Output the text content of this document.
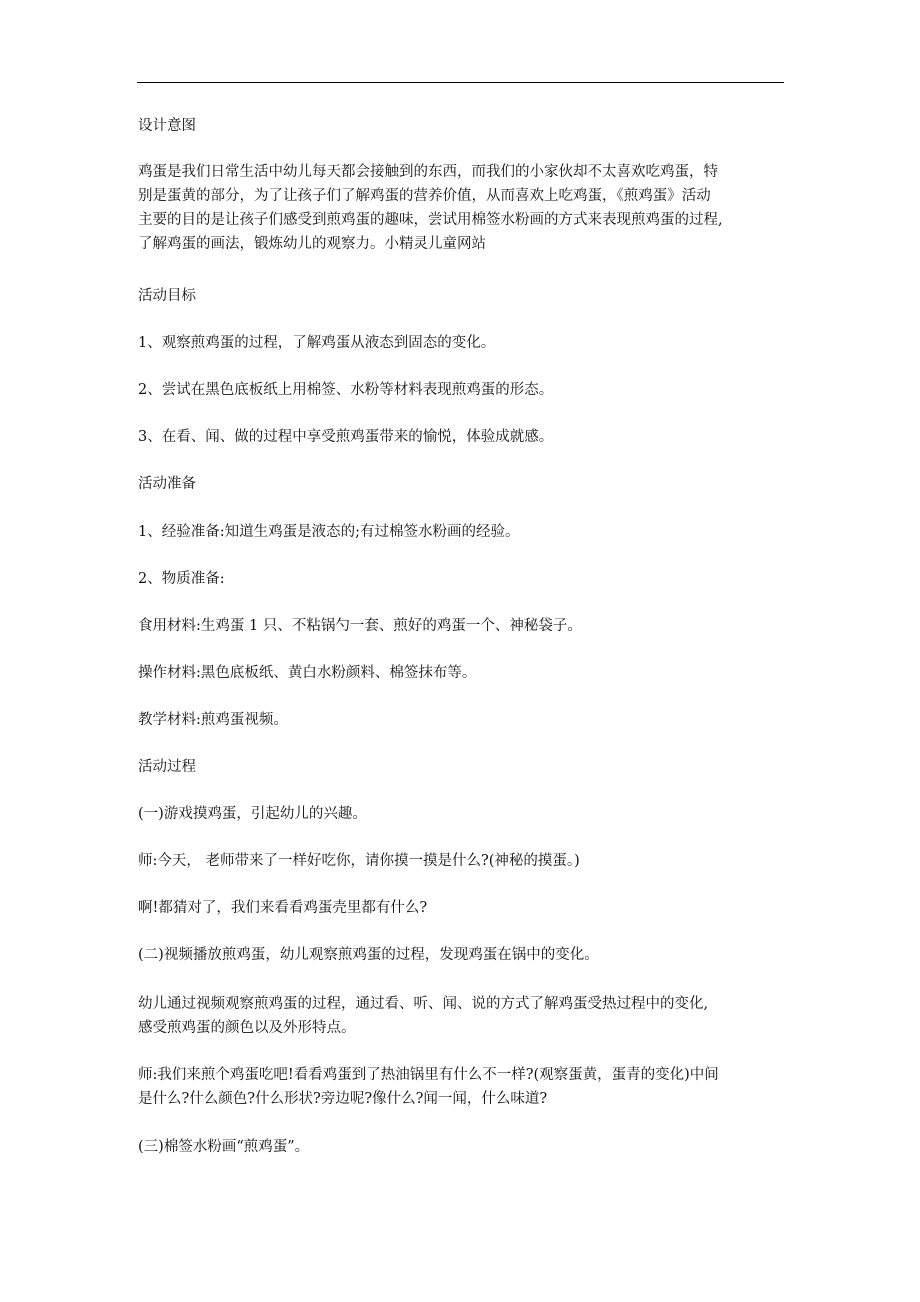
设计意图

鸡蛋是我们日常生活中幼儿每天都会接触到的东西，而我们的小家伙却不太喜欢吃鸡蛋，特
别是蛋黄的部分，为了让孩子们了解鸡蛋的营养价值，从而喜欢上吃鸡蛋，《煎鸡蛋》活动
主要的目的是让孩子们感受到煎鸡蛋的趣味，尝试用棉签水粉画的方式来表现煎鸡蛋的过程,
了解鸡蛋的画法，锻炼幼儿的观察力。小精灵儿童网站

活动目标

1、观察煎鸡蛋的过程，了解鸡蛋从液态到固态的变化。

2、尝试在黑色底板纸上用棉签、水粉等材料表现煎鸡蛋的形态。

3、在看、闻、做的过程中享受煎鸡蛋带来的愉悦，体验成就感。

活动准备

1、经验准备:知道生鸡蛋是液态的;有过棉签水粉画的经验。

2、物质准备:

食用材料:生鸡蛋 1 只、不粘锅勺一套、煎好的鸡蛋一个、神秘袋子。

操作材料:黑色底板纸、黄白水粉颜料、棉签抹布等。

教学材料:煎鸡蛋视频。

活动过程

(一)游戏摸鸡蛋，引起幼儿的兴趣。

师:今天， 老师带来了一样好吃你，请你摸一摸是什么?(神秘的摸蛋。)

啊!都猜对了，我们来看看鸡蛋壳里都有什么?

(二)视频播放煎鸡蛋，幼儿观察煎鸡蛋的过程，发现鸡蛋在锅中的变化。

幼儿通过视频观察煎鸡蛋的过程，通过看、听、闻、说的方式了解鸡蛋受热过程中的变化,
感受煎鸡蛋的颜色以及外形特点。
师:我们来煎个鸡蛋吃吧!看看鸡蛋到了热油锅里有什么不一样?(观察蛋黄，蛋青的变化)中间
是什么?什么颜色?什么形状?旁边呢?像什么?闻一闻，什么味道?

(三)棉签水粉画“煎鸡蛋”。
